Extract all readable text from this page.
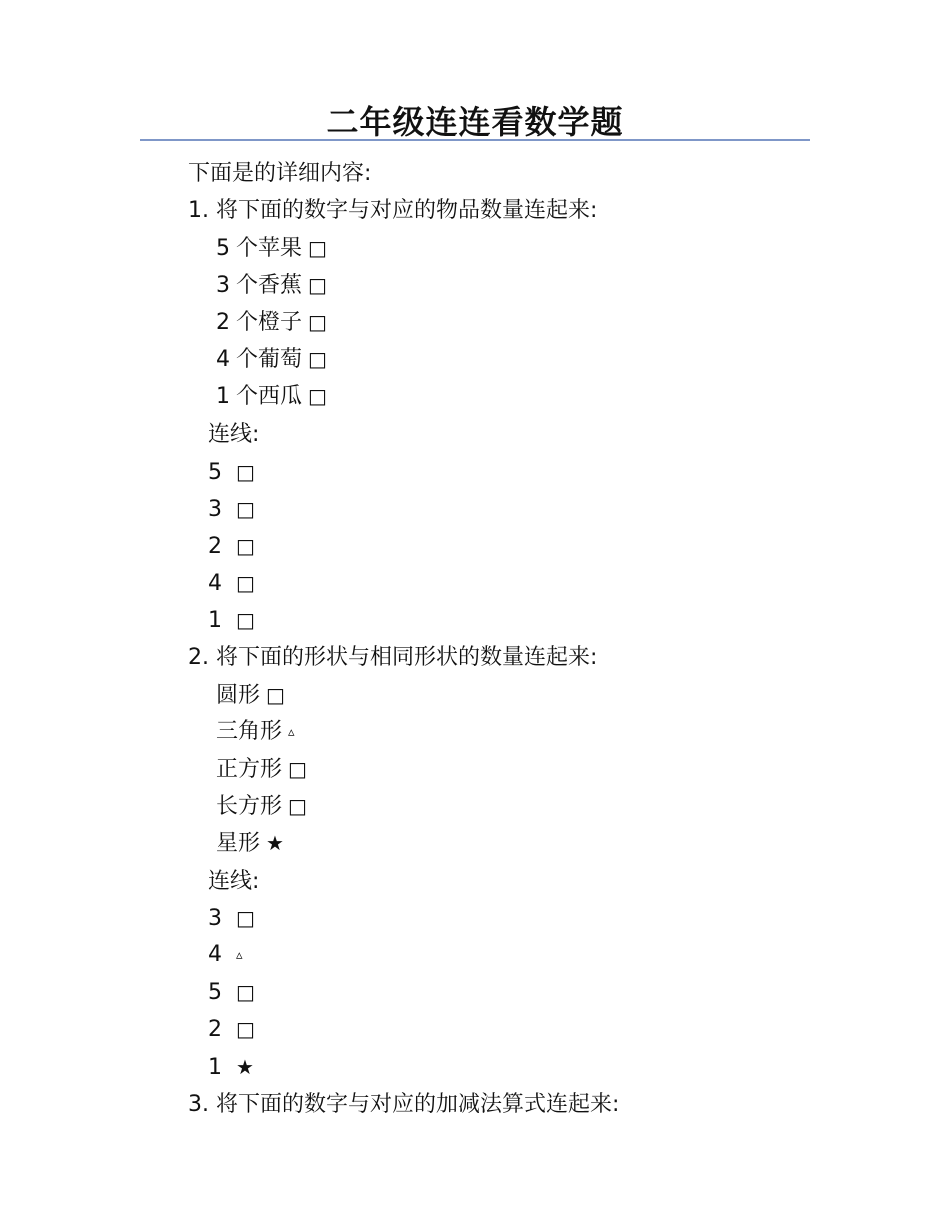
二年级连连看数学题
下面是的详细内容:
1. 将下面的数字与对应的物品数量连起来:
5 个苹果 □
3 个香蕉 □
2 个橙子 □
4 个葡萄 □
1 个西瓜 □
连线:
5 □
3 □
2 □
4 □
1 □
2. 将下面的形状与相同形状的数量连起来:
圆形 □
三角形 ▵
正方形 □
长方形 □
星形 ★
连线:
3 □
4 ▵
5 □
2 □
1 ★
3. 将下面的数字与对应的加减法算式连起来:
